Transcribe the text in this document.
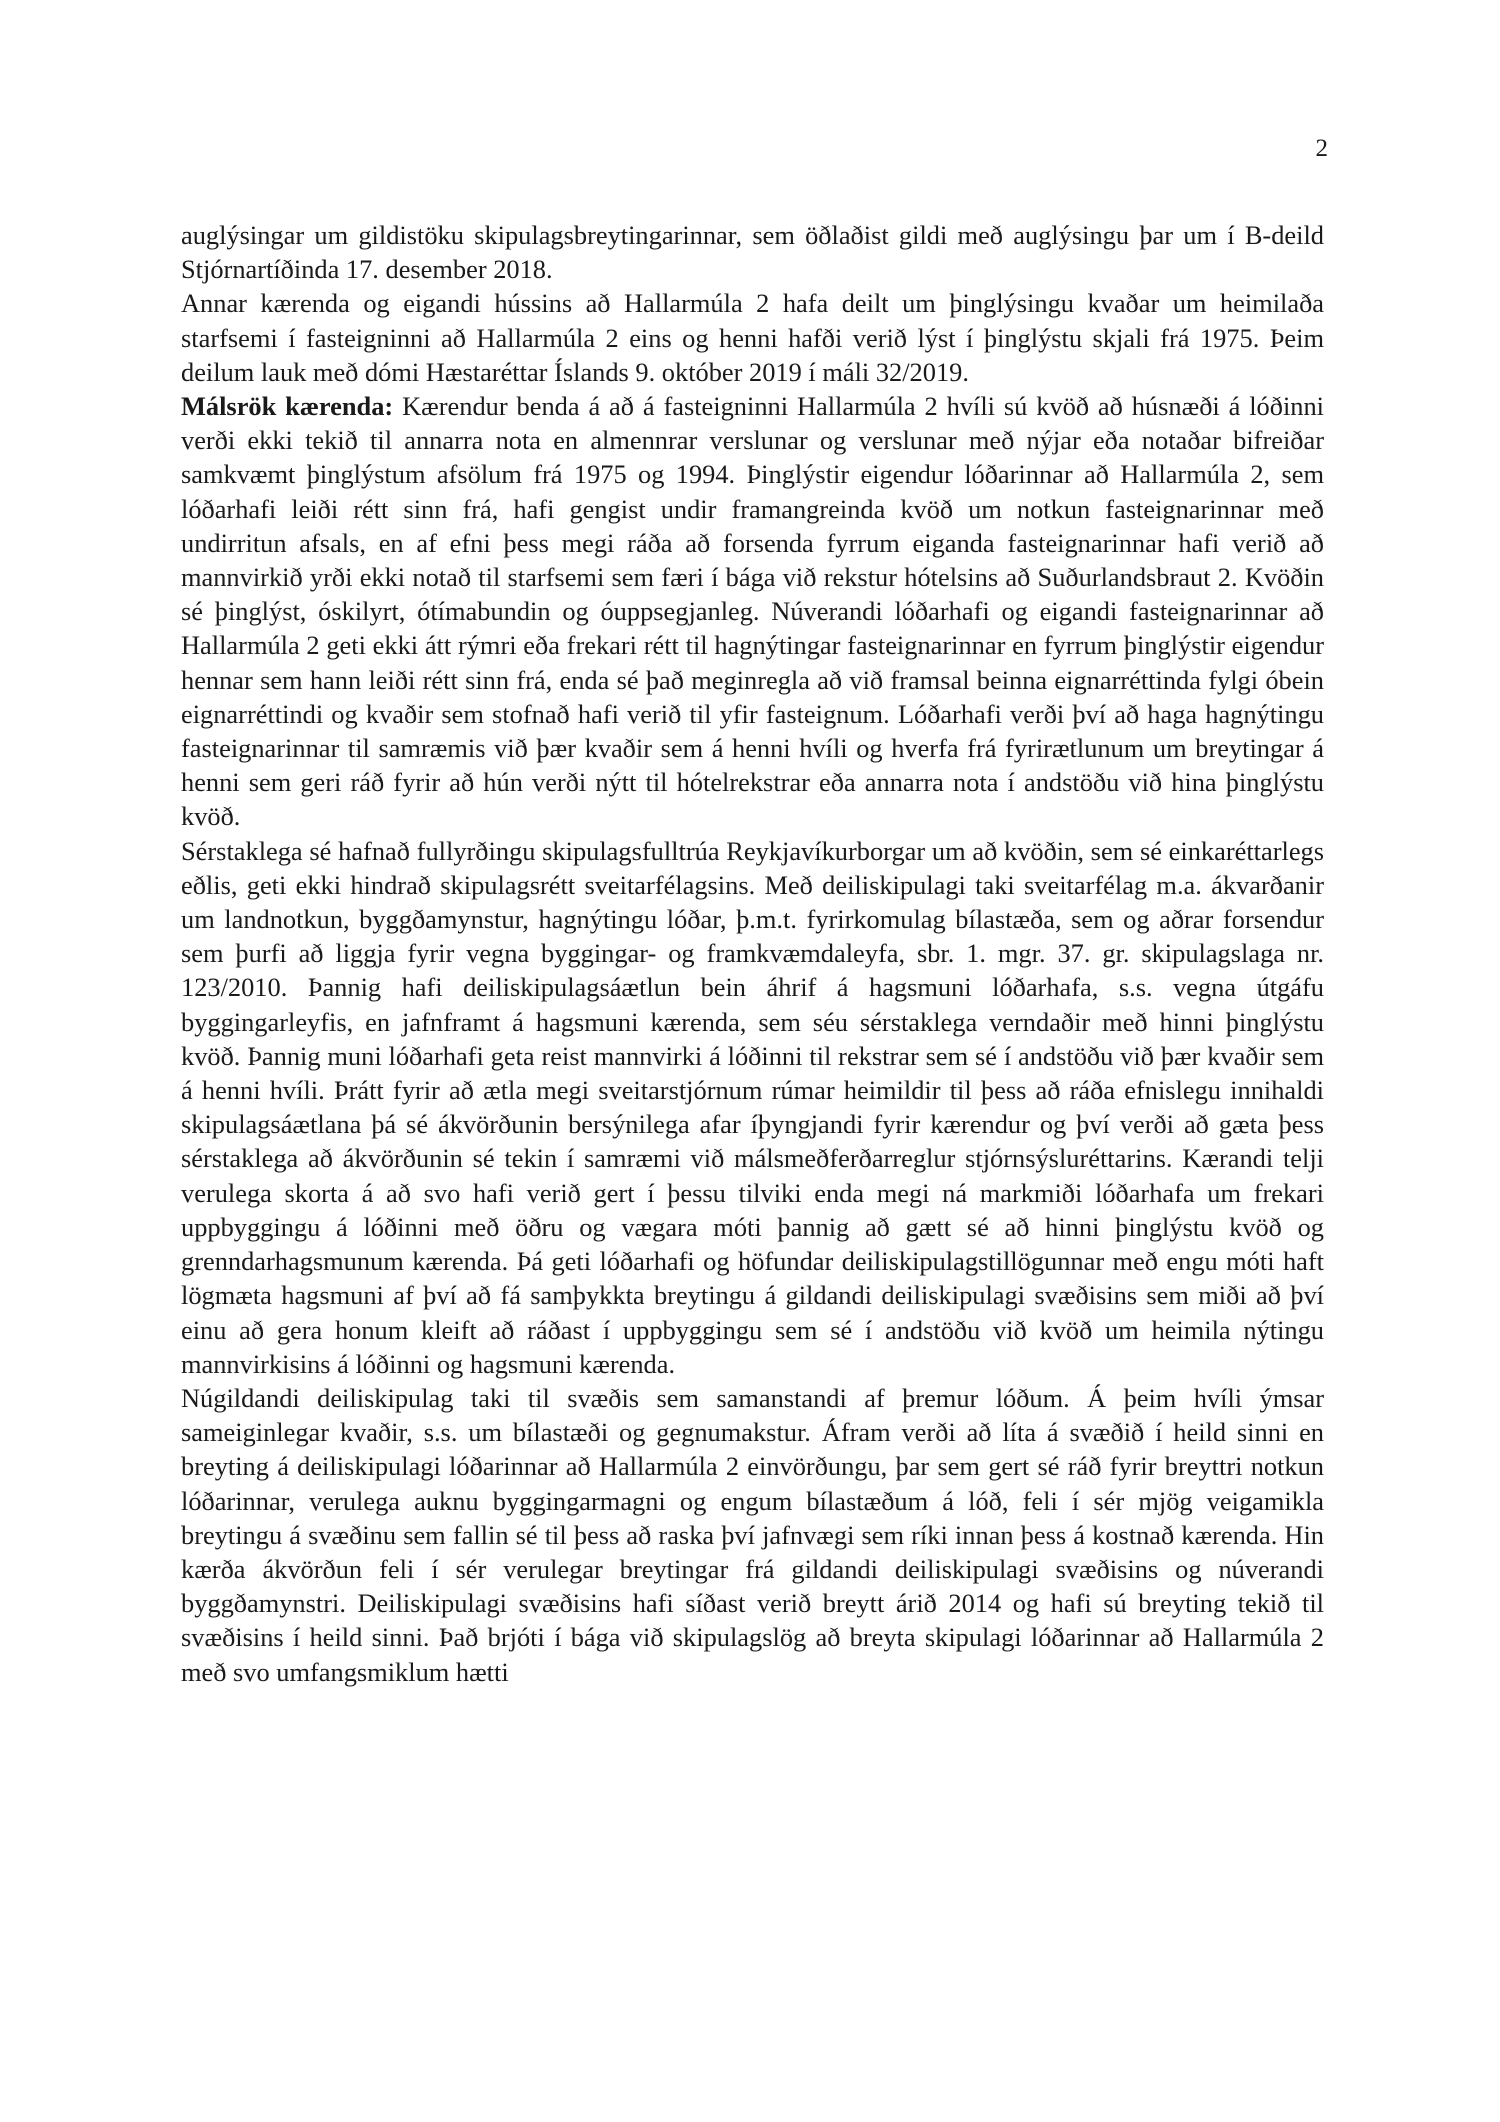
2

auglýsingar um gildistöku skipulagsbreytingarinnar, sem öðlaðist gildi með auglýsingu þar um í B-deild Stjórnartíðinda 17. desember 2018.

Annar kærenda og eigandi hússins að Hallarmúla 2 hafa deilt um þinglýsingu kvaðar um heimilaða starfsemi í fasteigninni að Hallarmúla 2 eins og henni hafði verið lýst í þinglýstu skjali frá 1975. Þeim deilum lauk með dómi Hæstaréttar Íslands 9. október 2019 í máli 32/2019.

Málsrök kærenda: Kærendur benda á að á fasteigninni Hallarmúla 2 hvíli sú kvöð að húsnæði á lóðinni verði ekki tekið til annarra nota en almennrar verslunar og verslunar með nýjar eða notaðar bifreiðar samkvæmt þinglýstum afsölum frá 1975 og 1994. Þinglýstir eigendur lóðarinnar að Hallarmúla 2, sem lóðarhafi leiði rétt sinn frá, hafi gengist undir framangreinda kvöð um notkun fasteignarinnar með undirritun afsals, en af efni þess megi ráða að forsenda fyrrum eiganda fasteignarinnar hafi verið að mannvirkið yrði ekki notað til starfsemi sem færi í bága við rekstur hótelsins að Suðurlandsbraut 2. Kvöðin sé þinglýst, óskilyrt, ótímabundin og óuppsegjanleg. Núverandi lóðarhafi og eigandi fasteignarinnar að Hallarmúla 2 geti ekki átt rýmri eða frekari rétt til hagnýtingar fasteignarinnar en fyrrum þinglýstir eigendur hennar sem hann leiði rétt sinn frá, enda sé það meginregla að við framsal beinna eignarréttinda fylgi óbein eignarréttindi og kvaðir sem stofnað hafi verið til yfir fasteignum. Lóðarhafi verði því að haga hagnýtingu fasteignarinnar til samræmis við þær kvaðir sem á henni hvíli og hverfa frá fyrirætlunum um breytingar á henni sem geri ráð fyrir að hún verði nýtt til hótelrekstrar eða annarra nota í andstöðu við hina þinglýstu kvöð.

Sérstaklega sé hafnað fullyrðingu skipulagsfulltrúa Reykjavíkurborgar um að kvöðin, sem sé einkaréttarlegs eðlis, geti ekki hindrað skipulagsrétt sveitarfélagsins. Með deiliskipulagi taki sveitarfélag m.a. ákvarðanir um landnotkun, byggðamynstur, hagnýtingu lóðar, þ.m.t. fyrirkomulag bílastæða, sem og aðrar forsendur sem þurfi að liggja fyrir vegna byggingar- og framkvæmdaleyfa, sbr. 1. mgr. 37. gr. skipulagslaga nr. 123/2010. Þannig hafi deiliskipulagsáætlun bein áhrif á hagsmuni lóðarhafa, s.s. vegna útgáfu byggingarleyfis, en jafnframt á hagsmuni kærenda, sem séu sérstaklega verndaðir með hinni þinglýstu kvöð. Þannig muni lóðarhafi geta reist mannvirki á lóðinni til rekstrar sem sé í andstöðu við þær kvaðir sem á henni hvíli. Þrátt fyrir að ætla megi sveitarstjórnum rúmar heimildir til þess að ráða efnislegu innihaldi skipulagsáætlana þá sé ákvörðunin bersýnilega afar íþyngjandi fyrir kærendur og því verði að gæta þess sérstaklega að ákvörðunin sé tekin í samræmi við málsmeðferðarreglur stjórnsýsluréttarins. Kærandi telji verulega skorta á að svo hafi verið gert í þessu tilviki enda megi ná markmiði lóðarhafa um frekari uppbyggingu á lóðinni með öðru og vægara móti þannig að gætt sé að hinni þinglýstu kvöð og grenndarhagsmunum kærenda. Þá geti lóðarhafi og höfundar deiliskipulagstillögunnar með engu móti haft lögmæta hagsmuni af því að fá samþykkta breytingu á gildandi deiliskipulagi svæðisins sem miði að því einu að gera honum kleift að ráðast í uppbyggingu sem sé í andstöðu við kvöð um heimila nýtingu mannvirkisins á lóðinni og hagsmuni kærenda.

Núgildandi deiliskipulag taki til svæðis sem samanstandi af þremur lóðum. Á þeim hvíli ýmsar sameiginlegar kvaðir, s.s. um bílastæði og gegnumakstur. Áfram verði að líta á svæðið í heild sinni en breyting á deiliskipulagi lóðarinnar að Hallarmúla 2 einvörðungu, þar sem gert sé ráð fyrir breyttri notkun lóðarinnar, verulega auknu byggingarmagni og engum bílastæðum á lóð, feli í sér mjög veigamikla breytingu á svæðinu sem fallin sé til þess að raska því jafnvægi sem ríki innan þess á kostnað kærenda. Hin kærða ákvörðun feli í sér verulegar breytingar frá gildandi deiliskipulagi svæðisins og núverandi byggðamynstri. Deiliskipulagi svæðisins hafi síðast verið breytt árið 2014 og hafi sú breyting tekið til svæðisins í heild sinni. Það brjóti í bága við skipulagslög að breyta skipulagi lóðarinnar að Hallarmúla 2 með svo umfangsmiklum hætti
